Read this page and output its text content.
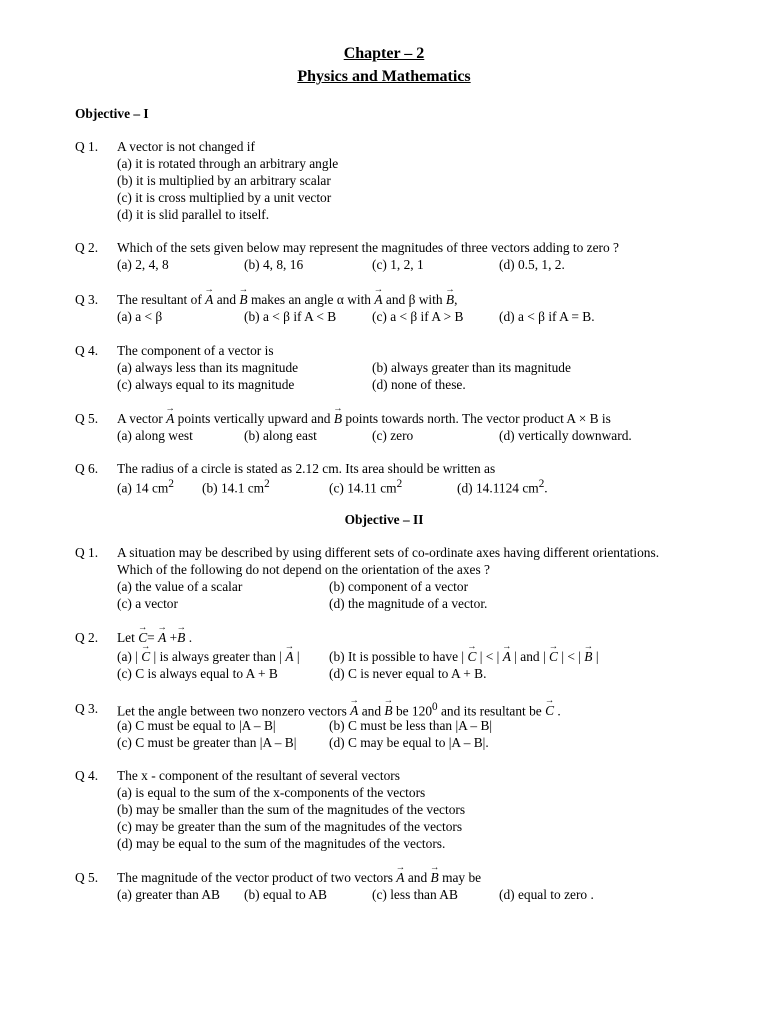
Chapter – 2
Physics and Mathematics
Objective – I
Q 1. A vector is not changed if
(a) it is rotated through an arbitrary angle
(b) it is multiplied by an arbitrary scalar
(c) it is cross multiplied by a unit vector
(d) it is slid parallel to itself.
Q 2. Which of the sets given below may represent the magnitudes of three vectors adding to zero ?
(a) 2, 4, 8	(b) 4, 8, 16	(c) 1, 2, 1	(d) 0.5, 1, 2.
Q 3. The resultant of → A and → B makes an angle α with → A and β with → B,
(a) a < β	(b) a < β if A < B	(c) a < β if A > B	(d) a < β if A = B.
Q 4. The component of a vector is
(a) always less than its magnitude	(b) always greater than its magnitude
(c) always equal to its magnitude	(d) none of these.
Q 5. A vector → A points vertically upward and → B points towards north. The vector product A × B is
(a) along west	(b) along east	(c) zero	(d) vertically downward.
Q 6. The radius of a circle is stated as 2.12 cm. Its area should be written as
(a) 14 $cm^2$ (b) 14.1 $cm^2$	(c) 14.11 $cm^2$	(d) 14.1124 $cm^2$.
Objective – II
Q 1. A situation may be described by using different sets of co-ordinate axes having different orientations.
Which of the following do not depend on the orientation of the axes ?
(a) the value of a scalar	(b) component of a vector
(c) a vector	(d) the magnitude of a vector.
Q 2. Let → C= → A +→ B .
(a) | → C | is always greater than | → A | (b) It is possible to have | → C | < | → A | and | → C | < | → B |
(c) C is always equal to A + B	(d) C is never equal to A + B.
Q 3. Let the angle between two nonzero vectors → A and → B be $120^0$ and its resultant be → C .
(a) C must be equal to |A – B|	(b) C must be less than |A – B|
(c) C must be greater than |A – B| (d) C may be equal to |A – B|.
Q 4. The x - component of the resultant of several vectors
(a) is equal to the sum of the x-components of the vectors
(b) may be smaller than the sum of the magnitudes of the vectors
(c) may be greater than the sum of the magnitudes of the vectors
(d) may be equal to the sum of the magnitudes of the vectors.
Q 5. The magnitude of the vector product of two vectors → A and → B may be
(a) greater than AB (b) equal to AB	(c) less than AB	(d) equal to zero .
